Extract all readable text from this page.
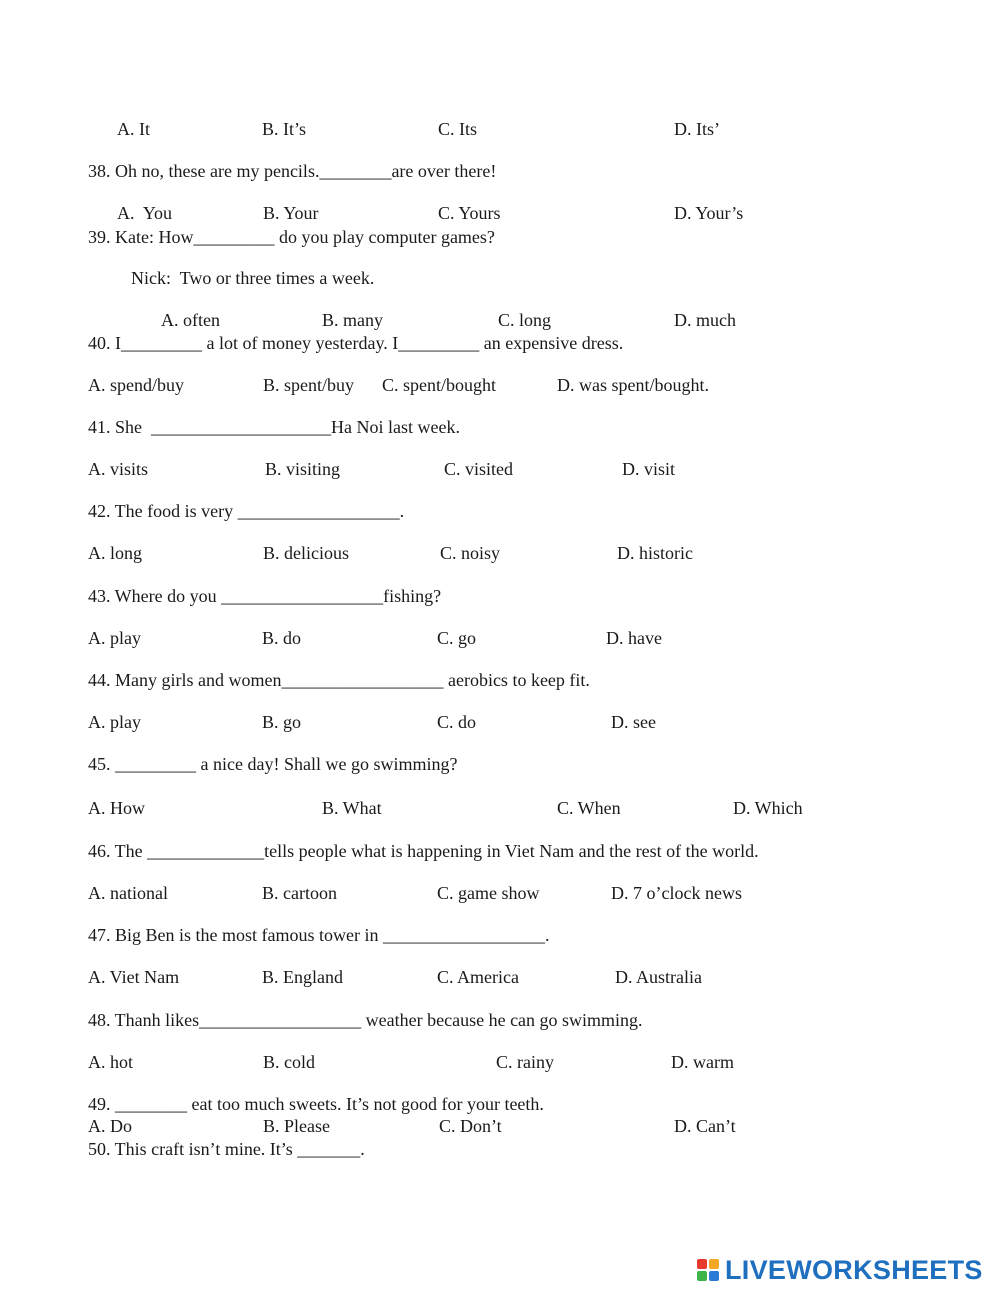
A. It	B. It’s	C. Its	D. Its’
38. Oh no, these are my pencils.________are over there!
A.  You	B. Your	C. Yours	D. Your’s
39. Kate: How_________ do you play computer games?
Nick:  Two or three times a week.
A. often	B. many	C. long	D. much
40. I_________ a lot of money yesterday. I_________ an expensive dress.
A. spend/buy	B. spent/buy C. spent/bought	D. was spent/bought.
41. She  ____________________Ha Noi last week.
A. visits	B. visiting	C. visited	D. visit
42. The food is very __________________.
A. long	B. delicious	C. noisy	D. historic
43. Where do you __________________fishing?
A. play	B. do	C. go	D. have
44. Many girls and women__________________ aerobics to keep fit.
A. play	B. go	C. do	D. see
45. _________ a nice day! Shall we go swimming?
A. How	B. What	C. When	D. Which
46. The _____________tells people what is happening in Viet Nam and the rest of the world.
A. national	B. cartoon	C. game show	D. 7 o’clock news
47. Big Ben is the most famous tower in __________________.
A. Viet Nam	B. England	C. America	D. Australia
48. Thanh likes__________________ weather because he can go swimming.
A. hot	B. cold	C. rainy	D. warm
49. ________ eat too much sweets. It’s not good for your teeth.
A. Do	B. Please	C. Don’t	D. Can’t
50. This craft isn’t mine. It’s _______.
LIVEWORKSHEETS
